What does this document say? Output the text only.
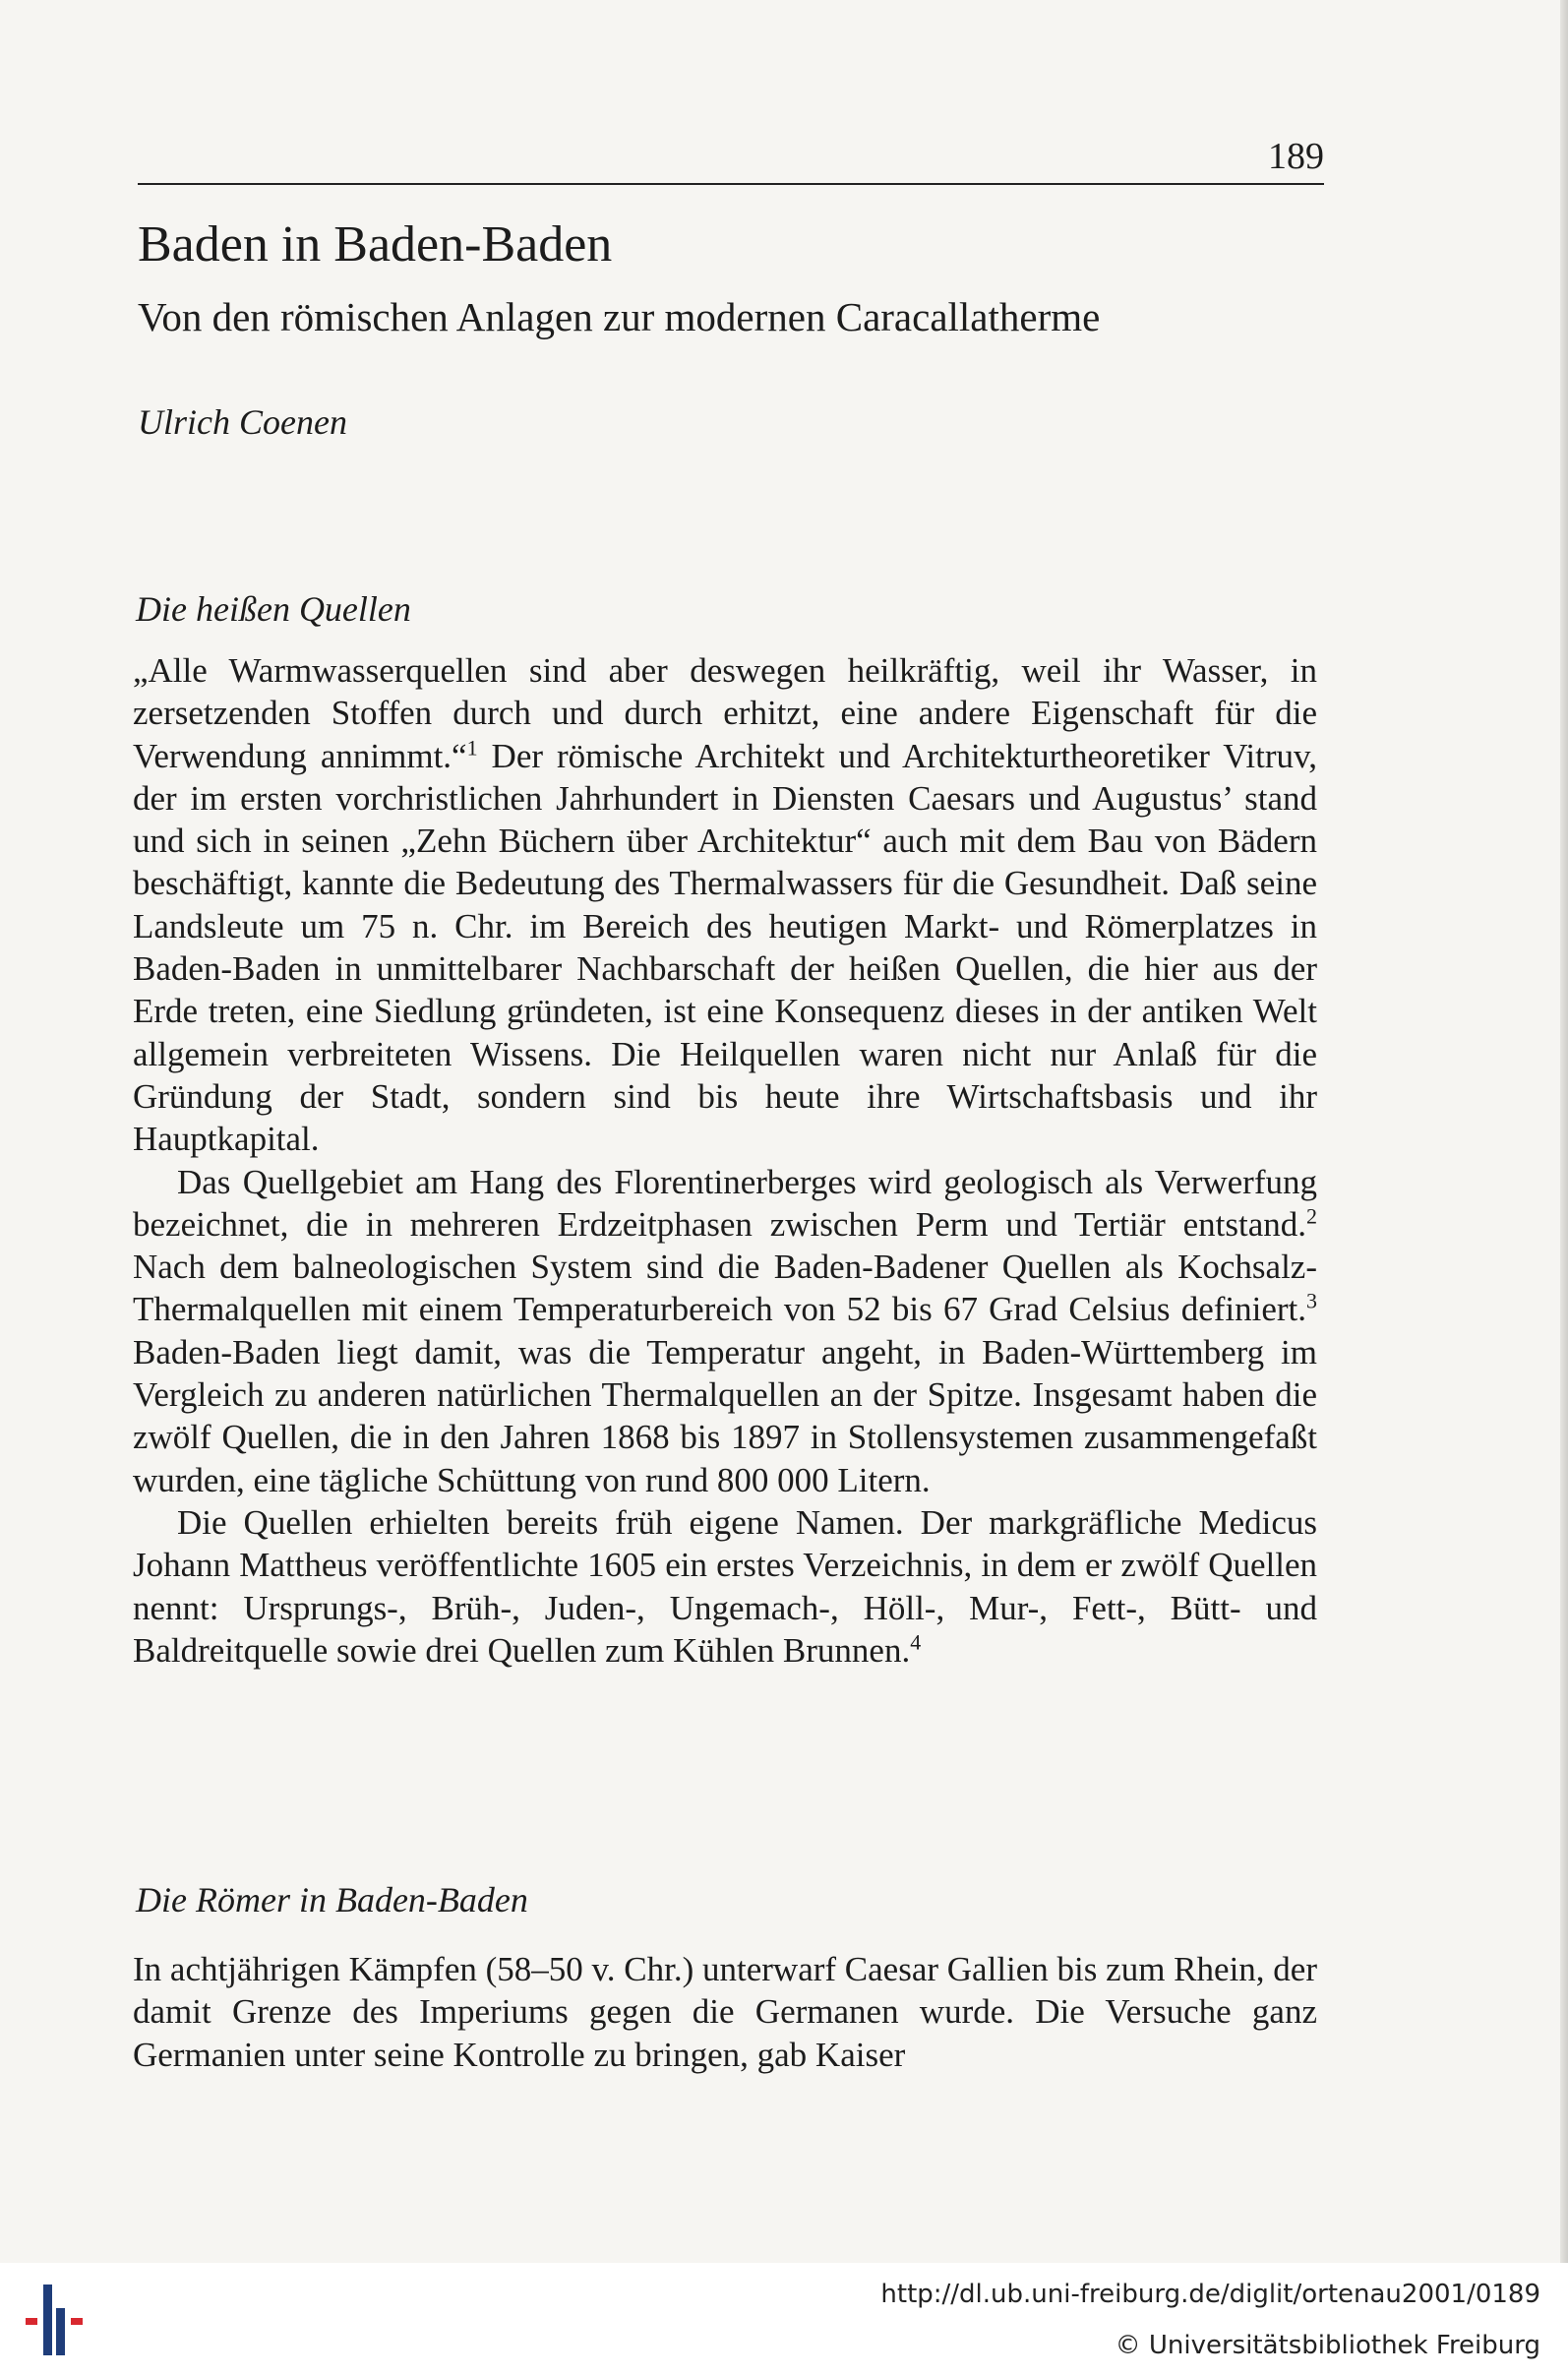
189
Baden in Baden-Baden
Von den römischen Anlagen zur modernen Caracallatherme
Ulrich Coenen
Die heißen Quellen

„Alle Warmwasserquellen sind aber deswegen heilkräftig, weil ihr Wasser, in zersetzenden Stoffen durch und durch erhitzt, eine andere Eigenschaft für die Verwendung annimmt.“$^1$ Der römische Architekt und Architekturtheoretiker Vitruv, der im ersten vorchristlichen Jahrhundert in Diensten Caesars und Augustus’ stand und sich in seinen „Zehn Büchern über Architektur“ auch mit dem Bau von Bädern beschäftigt, kannte die Bedeutung des Thermalwassers für die Gesundheit. Daß seine Landsleute um 75 n. Chr. im Bereich des heutigen Markt- und Römerplatzes in Baden-Baden in unmittelbarer Nachbarschaft der heißen Quellen, die hier aus der Erde treten, eine Siedlung gründeten, ist eine Konsequenz dieses in der antiken Welt allgemein verbreiteten Wissens. Die Heilquellen waren nicht nur Anlaß für die Gründung der Stadt, sondern sind bis heute ihre Wirtschaftsbasis und ihr Hauptkapital.

Das Quellgebiet am Hang des Florentinerberges wird geologisch als Verwerfung bezeichnet, die in mehreren Erdzeitphasen zwischen Perm und Tertiär entstand.$^2$ Nach dem balneologischen System sind die Baden-Badener Quellen als Kochsalz-Thermalquellen mit einem Temperaturbereich von 52 bis 67 Grad Celsius definiert.$^3$ Baden-Baden liegt damit, was die Temperatur angeht, in Baden-Württemberg im Vergleich zu anderen natürlichen Thermalquellen an der Spitze. Insgesamt haben die zwölf Quellen, die in den Jahren 1868 bis 1897 in Stollensystemen zusammengefaßt wurden, eine tägliche Schüttung von rund 800 000 Litern.

Die Quellen erhielten bereits früh eigene Namen. Der markgräfliche Medicus Johann Mattheus veröffentlichte 1605 ein erstes Verzeichnis, in dem er zwölf Quellen nennt: Ursprungs-, Brüh-, Juden-, Ungemach-, Höll-, Mur-, Fett-, Bütt- und Baldreitquelle sowie drei Quellen zum Kühlen Brunnen.$^4$

Die Römer in Baden-Baden

In achtjährigen Kämpfen (58–50 v. Chr.) unterwarf Caesar Gallien bis zum Rhein, der damit Grenze des Imperiums gegen die Germanen wurde. Die Versuche ganz Germanien unter seine Kontrolle zu bringen, gab Kaiser

http://dl.ub.uni-freiburg.de/diglit/ortenau2001/0189
© Universitätsbibliothek Freiburg
